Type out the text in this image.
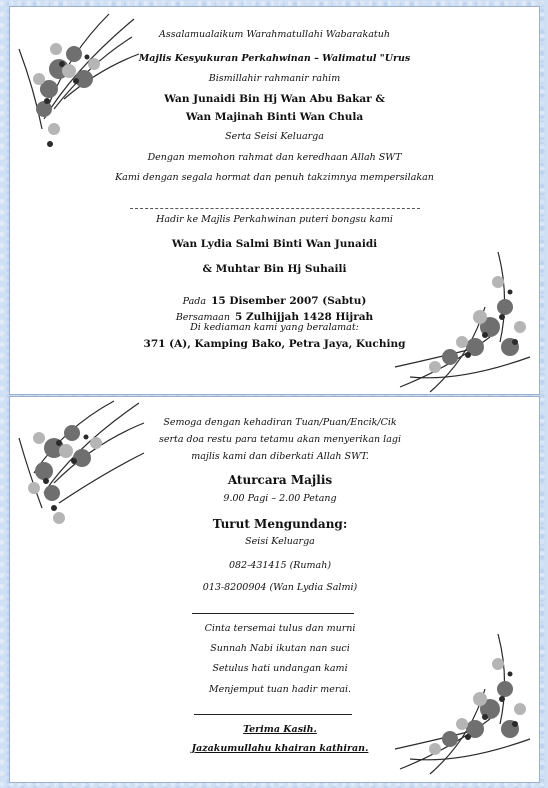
Assalamualaikum Warahmatullahi Wabarakatuh
Majlis Kesyukuran Perkahwinan – Walimatul "Urus
Bismillahir rahmanir rahim
Wan Junaidi Bin Hj Wan Abu Bakar &
Wan Majinah Binti Wan Chula
Serta Seisi Keluarga
Dengan memohon rahmat dan keredhaan Allah SWT
Kami dengan segala hormat dan penuh takzimnya mempersilakan
Hadir ke Majlis Perkahwinan puteri bongsu kami
Wan Lydia Salmi Binti Wan Junaidi
& Muhtar Bin Hj Suhaili
Pada 15 Disember 2007 (Sabtu)
Bersamaan 5 Zulhijjah 1428 Hijrah
Di kediaman kami yang beralamat:
371 (A), Kamping Bako, Petra Jaya, Kuching
Semoga dengan kehadiran Tuan/Puan/Encik/Cik
serta doa restu para tetamu akan menyerikan lagi
majlis kami dan diberkati Allah SWT.
Aturcara Majlis
9.00 Pagi – 2.00 Petang
Turut Mengundang:
Seisi Keluarga
082-431415 (Rumah)
013-8200904 (Wan Lydia Salmi)
Cinta tersemai tulus dan murni
Sunnah Nabi ikutan nan suci
Setulus hati undangan kami
Menjemput tuan hadir merai.
Terima Kasih.
Jazakumullahu khairan kathiran.
